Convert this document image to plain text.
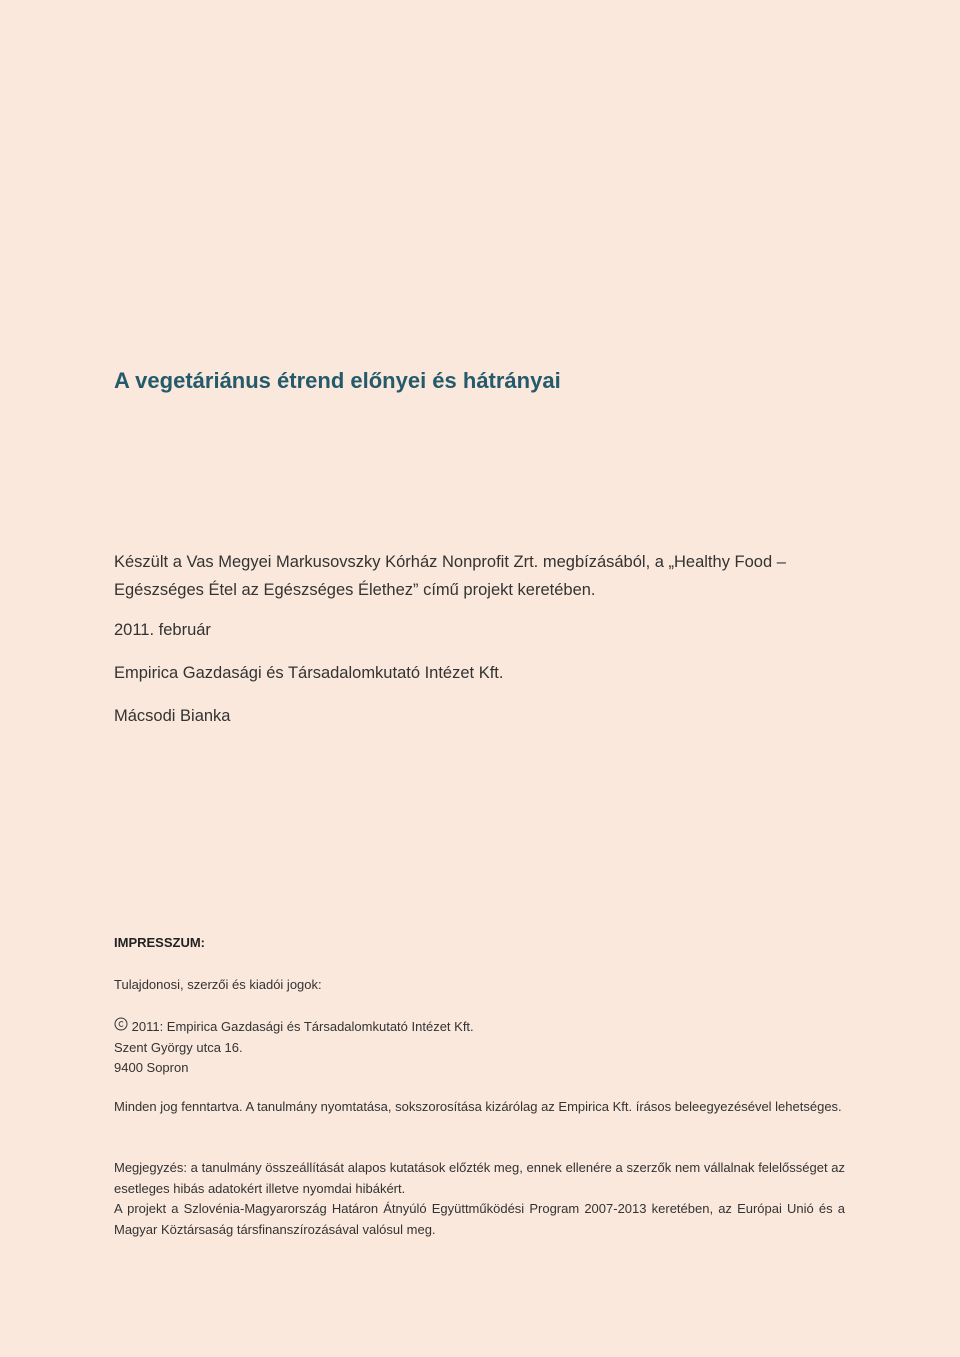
A vegetáriánus étrend előnyei és hátrányai

Készült a Vas Megyei Markusovszky Kórház Nonprofit Zrt. megbízásából, a „Healthy Food –
Egészséges Étel az Egészséges Élethez” című projekt keretében.

2011. február

Empirica Gazdasági és Társadalomkutató Intézet Kft.

Mácsodi Bianka

IMPRESSZUM:

Tulajdonosi, szerzői és kiadói jogok:

2011: Empirica Gazdasági és Társadalomkutató Intézet Kft.
Szent György utca 16.
9400 Sopron

Minden jog fenntartva. A tanulmány nyomtatása, sokszorosítása kizárólag az Empirica Kft. írásos beleegyezésével lehetséges.

Megjegyzés: a tanulmány összeállítását alapos kutatások előzték meg, ennek ellenére a szerzők nem vállalnak felelősséget az esetleges hibás adatokért illetve nyomdai hibákért.

A projekt a Szlovénia-Magyarország Határon Átnyúló Együttműködési Program 2007-2013 keretében, az Európai Unió és a Magyar Köztársaság társfinanszírozásával valósul meg.
